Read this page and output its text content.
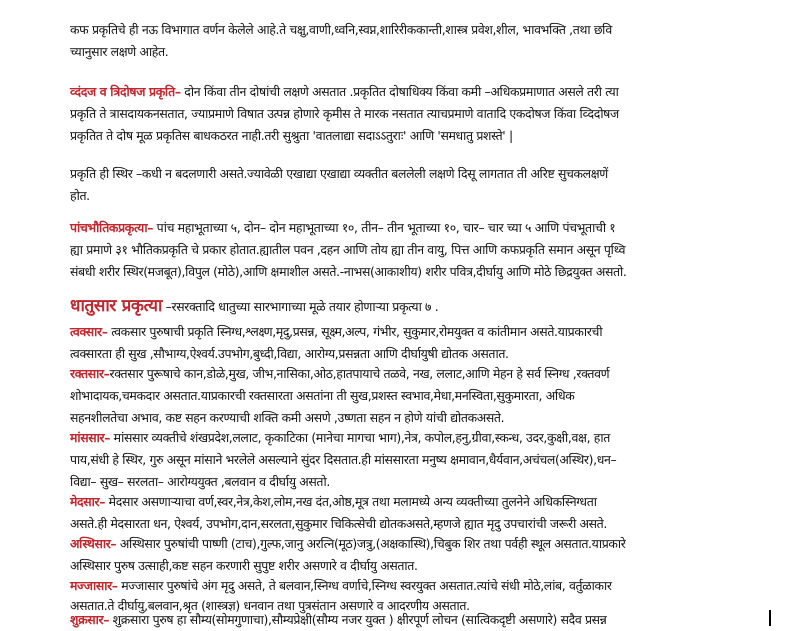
कफ प्रकृतिचे ही नऊ विभागात वर्णन केलेले आहे.ते चक्षु,वाणी,ध्वनि,स्वप्न,शारिरीककान्ती,शास्त्र प्रवेश,शील, भावभक्ति ,तथा छवि
च्यानुसार लक्षणे आहेत.
व्दंदज व त्रिदोषज प्रकृति– दोन किंवा तीन दोषांची लक्षणे असतात .प्रकृतित दोषाधिक्य किंवा कमी –अधिकप्रमाणात असले तरी त्या
प्रकृति ते त्रासदायकनसतात, ज्याप्रमाणे विषात उत्पन्न होणारे कृमीस ते मारक नसतात त्याचप्रमाणे वातादि एकदोषज किंवा व्दिदोषज
प्रकृतित ते दोष मूळ प्रकृतिस बाधकठरत नाही.तरी सुश्रुता 'वातलाद्या सदाऽऽतुराः' आणि 'समधातु प्रशस्ते' |
प्रकृति ही स्थिर –कधी न बदलणारी असते.ज्यावेळी एखाद्या एखाद्या व्यक्तीत बललेली लक्षणे दिसू लागतात ती अरिष्ट सुचकलक्षणें
होत.
पांचभौतिकप्रकृत्या– पांच महाभूताच्या ५, दोन– दोन महाभूताच्या १०, तीन– तीन भूताच्या १०, चार– चार च्या ५ आणि पंचभूताची १
ह्या प्रमाणे ३१ भौतिकप्रकृति चे प्रकार होतात.ह्यातील पवन ,दहन आणि तोय ह्या तीन वायु, पित्त आणि कफप्रकृति समान असून पृथ्वि
संबधी शरीर स्थिर(मजबूत),विपुल (मोठे),आणि क्षमाशील असते.-नाभस(आकाशीय) शरीर पवित्र,दीर्घायु आणि मोठे छिद्रयुक्त असतो.
धातुसार प्रकृत्या –रसरक्तादि धातुच्या सारभागाच्या मूळे तयार होणाऱ्या प्रकृत्या ७ .
त्वक्सार– त्वकसार पुरुषाची प्रकृति स्निग्ध,श्लक्ष्ण,मृदु,प्रसन्न, सूक्ष्म,अल्प, गंभीर, सुकुमार,रोमयुक्त व कांतीमान असते.याप्रकारची
त्वक्सारता ही सुख ,सौभाग्य,ऐश्वर्य.उपभोग,बुध्दी,विद्या, आरोग्य,प्रसन्नता आणि दीर्घायुषी द्योतक असतात.
रक्तसार–रक्तसार पुरूषाचे कान,डोळे,मुख, जीभ,नासिका,ओठ,हातपायाचे तळवे, नख, ललाट,आणि मेहन हे सर्व स्निग्ध ,रक्तवर्ण
शोभादायक,चमकदार असतात.याप्रकारची रक्तसारता असतांना ती सुख,प्रशस्त स्वभाव,मेधा,मनस्विता,सुकुमारता, अधिक
सहनशीलतेचा अभाव, कष्ट सहन करण्याची शक्ति कमी असणे ,उष्णता सहन न होणे यांची द्योतकअसते.
मांससार– मांससार व्यक्तीचे शंखप्रदेश,ललाट, कृकाटिका (मानेचा मागचा भाग),नेत्र, कपोल,हनु,ग्रीवा,स्कन्ध, उदर,कुक्षी,वक्ष, हात
पाय,संधी हे स्थिर, गुरु असून मांसाने भरलेले असल्याने सुंदर दिसतात.ही मांससारता मनुष्य क्षमावान,धैर्यवान,अचंचल(अस्थिर),धन–
विद्या– सुख– सरलता– आरोग्ययुक्त ,बलवान व दीर्घायु असतो.
मेदसार– मेदसार असणाऱ्याचा वर्ण,स्वर,नेत्र,केश,लोम,नख दंत,ओष्ठ,मूत्र तथा मलामध्ये अन्य व्यक्तीच्या तुलनेने अधिकस्निग्धता
असते.ही मेदसारता धन, ऐश्वर्य, उपभोग,दान,सरलता,सुकुमार चिकित्सेची द्योतकअसते,म्हणजे ह्यात मृदु उपचारांची जरूरी असते.
अस्थिसार– अस्थिसार पुरुषांची पाष्णी (टाच),गुल्फ,जानु अरत्नि(मूठ)जत्रु,(अक्षकास्थि),चिबुक शिर तथा पर्वही स्थूल असतात.याप्रकारे
अस्थिसार पुरुष उत्साही,कष्ट सहन करणारी सुपुष्ट शरीर असणारे व दीर्घायु असतात.
मज्जासार– मज्जासार पुरुषांचे अंग मृदु असते, ते बलवान,स्निग्ध वर्णाचे,स्निग्ध स्वरयुक्त असतात.त्यांचे संधी मोठे,लांब, वर्तुळाकार
असतात.ते दीर्घायु,बलवान,श्रृत (शास्त्रज्ञ) धनवान तथा पुत्रसंतान असणारे व आदरणीय असतात.
शुक्रसार– शुक्रसारा पुरुष हा सौम्य(सोमगुणाचा),सौम्यप्रेक्षी(सौम्य नजर युक्त ) क्षीरपूर्ण लोचन (सात्विकदृष्टी असणारे) सदैव प्रसन्न
